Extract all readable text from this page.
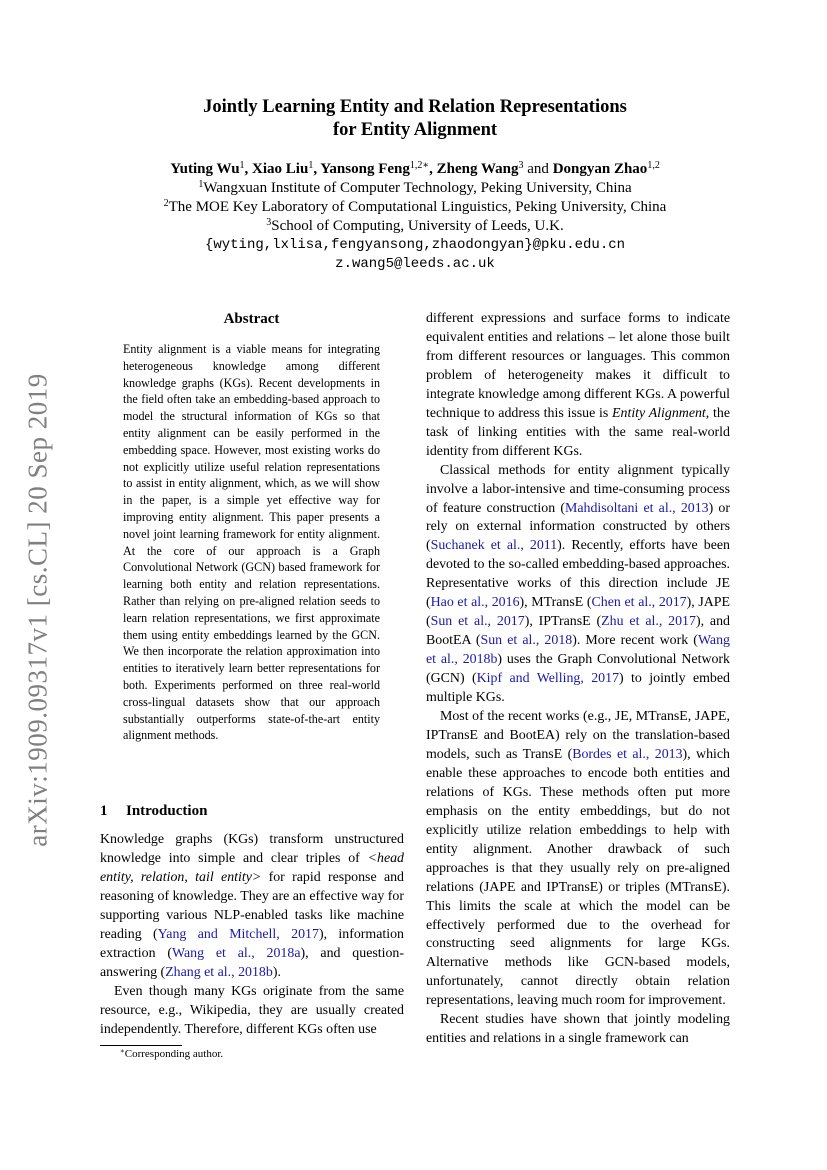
arXiv:1909.09317v1 [cs.CL] 20 Sep 2019
Jointly Learning Entity and Relation Representations
for Entity Alignment
Yuting Wu$^1$, Xiao Liu$^1$, Yansong Feng$^{1,2∗}$, Zheng Wang$^3$ and Dongyan Zhao$^{1,2}$
$^1$Wangxuan Institute of Computer Technology, Peking University, China
$^2$The MOE Key Laboratory of Computational Linguistics, Peking University, China
$^3$School of Computing, University of Leeds, U.K.
{wyting,lxlisa,fengyansong,zhaodongyan}@pku.edu.cn
z.wang5@leeds.ac.uk
Abstract

Entity alignment is a viable means for integrating heterogeneous knowledge among different knowledge graphs (KGs). Recent developments in the field often take an embedding-based approach to model the structural information of KGs so that entity alignment can be easily performed in the embedding space. However, most existing works do not explicitly utilize useful relation representations to assist in entity alignment, which, as we will show in the paper, is a simple yet effective way for improving entity alignment. This paper presents a novel joint learning framework for entity alignment. At the core of our approach is a Graph Convolutional Network (GCN) based framework for learning both entity and relation representations. Rather than relying on pre-aligned relation seeds to learn relation representations, we first approximate them using entity embeddings learned by the GCN. We then incorporate the relation approximation into entities to iteratively learn better representations for both. Experiments performed on three real-world cross-lingual datasets show that our approach substantially outperforms state-of-the-art entity alignment methods.

1 Introduction

Knowledge graphs (KGs) transform unstructured knowledge into simple and clear triples of <head entity, relation, tail entity> for rapid response and reasoning of knowledge. They are an effective way for supporting various NLP-enabled tasks like machine reading (Yang and Mitchell, 2017), information extraction (Wang et al., 2018a), and question-answering (Zhang et al., 2018b).

Even though many KGs originate from the same resource, e.g., Wikipedia, they are usually created independently. Therefore, different KGs often use

different expressions and surface forms to indicate equivalent entities and relations – let alone those built from different resources or languages. This common problem of heterogeneity makes it difficult to integrate knowledge among different KGs. A powerful technique to address this issue is Entity Alignment, the task of linking entities with the same real-world identity from different KGs.

Classical methods for entity alignment typically involve a labor-intensive and time-consuming process of feature construction (Mahdisoltani et al., 2013) or rely on external information constructed by others (Suchanek et al., 2011). Recently, efforts have been devoted to the so-called embedding-based approaches. Representative works of this direction include JE (Hao et al., 2016), MTransE (Chen et al., 2017), JAPE (Sun et al., 2017), IPTransE (Zhu et al., 2017), and BootEA (Sun et al., 2018). More recent work (Wang et al., 2018b) uses the Graph Convolutional Network (GCN) (Kipf and Welling, 2017) to jointly embed multiple KGs.

Most of the recent works (e.g., JE, MTransE, JAPE, IPTransE and BootEA) rely on the translation-based models, such as TransE (Bordes et al., 2013), which enable these approaches to encode both entities and relations of KGs. These methods often put more emphasis on the entity embeddings, but do not explicitly utilize relation embeddings to help with entity alignment. Another drawback of such approaches is that they usually rely on pre-aligned relations (JAPE and IPTransE) or triples (MTransE). This limits the scale at which the model can be effectively performed due to the overhead for constructing seed alignments for large KGs. Alternative methods like GCN-based models, unfortunately, cannot directly obtain relation representations, leaving much room for improvement.

Recent studies have shown that jointly modeling entities and relations in a single framework can

∗Corresponding author.
